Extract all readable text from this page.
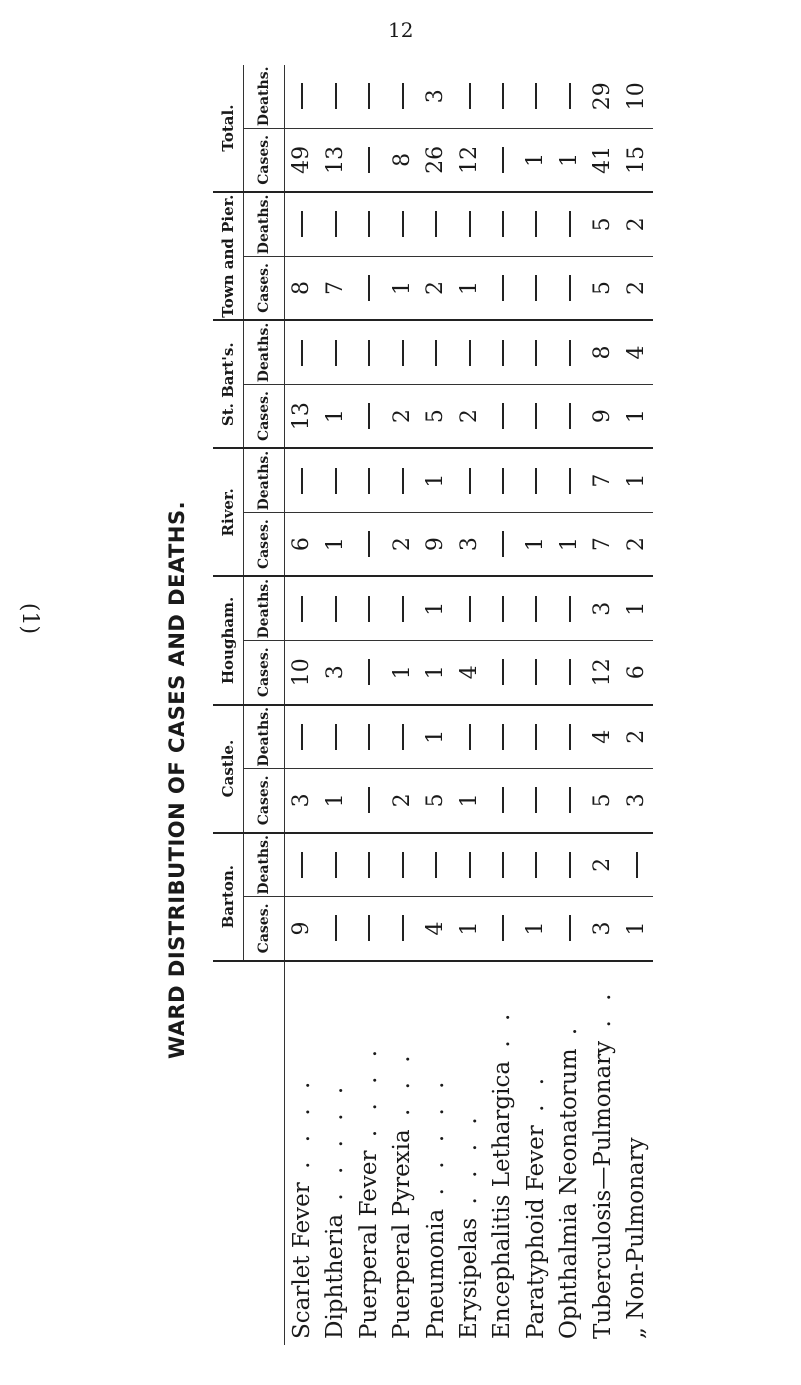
12
(1)	WARD DISTRIBUTION OF CASES AND DEATHS.
	Barton.		Castle.		Hougham.		River.		St. Bart's.		Town and Pier.		Total.	
	Cases.	Deaths.	Cases.	Deaths.	Cases.	Deaths.	Cases.	Deaths.	Cases.	Deaths.	Cases.	Deaths.	Cases.	Deaths.
Scarlet Fever . . . .	9		3		10		6		13		8		49	
Diphtheria . . . . .			1		3		1		1		7		13	
Puerperal Fever . . . .														
Puerperal Pyrexia . . .			2		1		2		2		1		8	
Pneumonia . . . . .	4		5	1	1	1	9	1	5		2		26	3
Erysipelas . . . .	1		1		4		3		2		1		12	
Encephalitis Lethargica . .														
Paratyphoid Fever . .	1						1						1	
Ophthalmia Neonatorum .							1						1	
Tuberculosis—Pulmonary . .	3	2	5	4	12	3	7	7	9	8	5	5	41	29
„ Non-Pulmonary	1		3	2	6	1	2	1	1	4	2	2	15	10
